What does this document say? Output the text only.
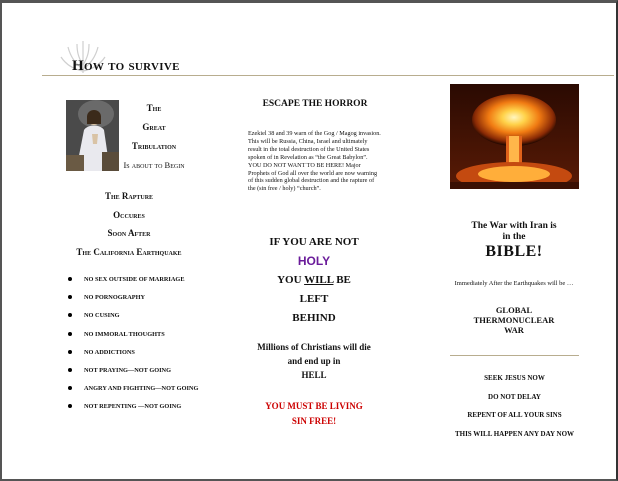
How to survive
The
Great
Tribulation
Is about to Begin
The Rapture
Occures
Soon After
The California Earthquake
NO SEX OUTSIDE OF MARRIAGE
NO PORNOGRAPHY
NO CUSING
NO IMMORAL THOUGHTS
NO ADDICTIONS
NOT PRAYING—NOT GOING
ANGRY AND FIGHTING—NOT GOING
NOT REPENTING —NOT GOING
ESCAPE THE HORROR
Ezekiel 38 and 39 warn of the Gog / Magog invasion. This will be Russia, China, Israel and ultimately result in the total destruction of the United States spoken of in Revelation as “the Great Babylon”. YOU DO NOT WANT TO BE HERE! Major Prophets of God all over the world are now warning of this sudden global destruction and the rapture of the (sin free / holy) “church”.
IF YOU ARE NOT
HOLY
YOU WILL BE
LEFT
BEHIND
Millions of Christians will die
and end up in
HELL
YOU MUST BE LIVING
SIN FREE!
The War with Iran is
in the
BIBLE!
Immediately After the Earthquakes will be …
GLOBAL
THERMONUCLEAR
WAR
SEEK JESUS NOW
DO NOT DELAY
REPENT OF ALL YOUR SINS
THIS WILL HAPPEN ANY DAY NOW
